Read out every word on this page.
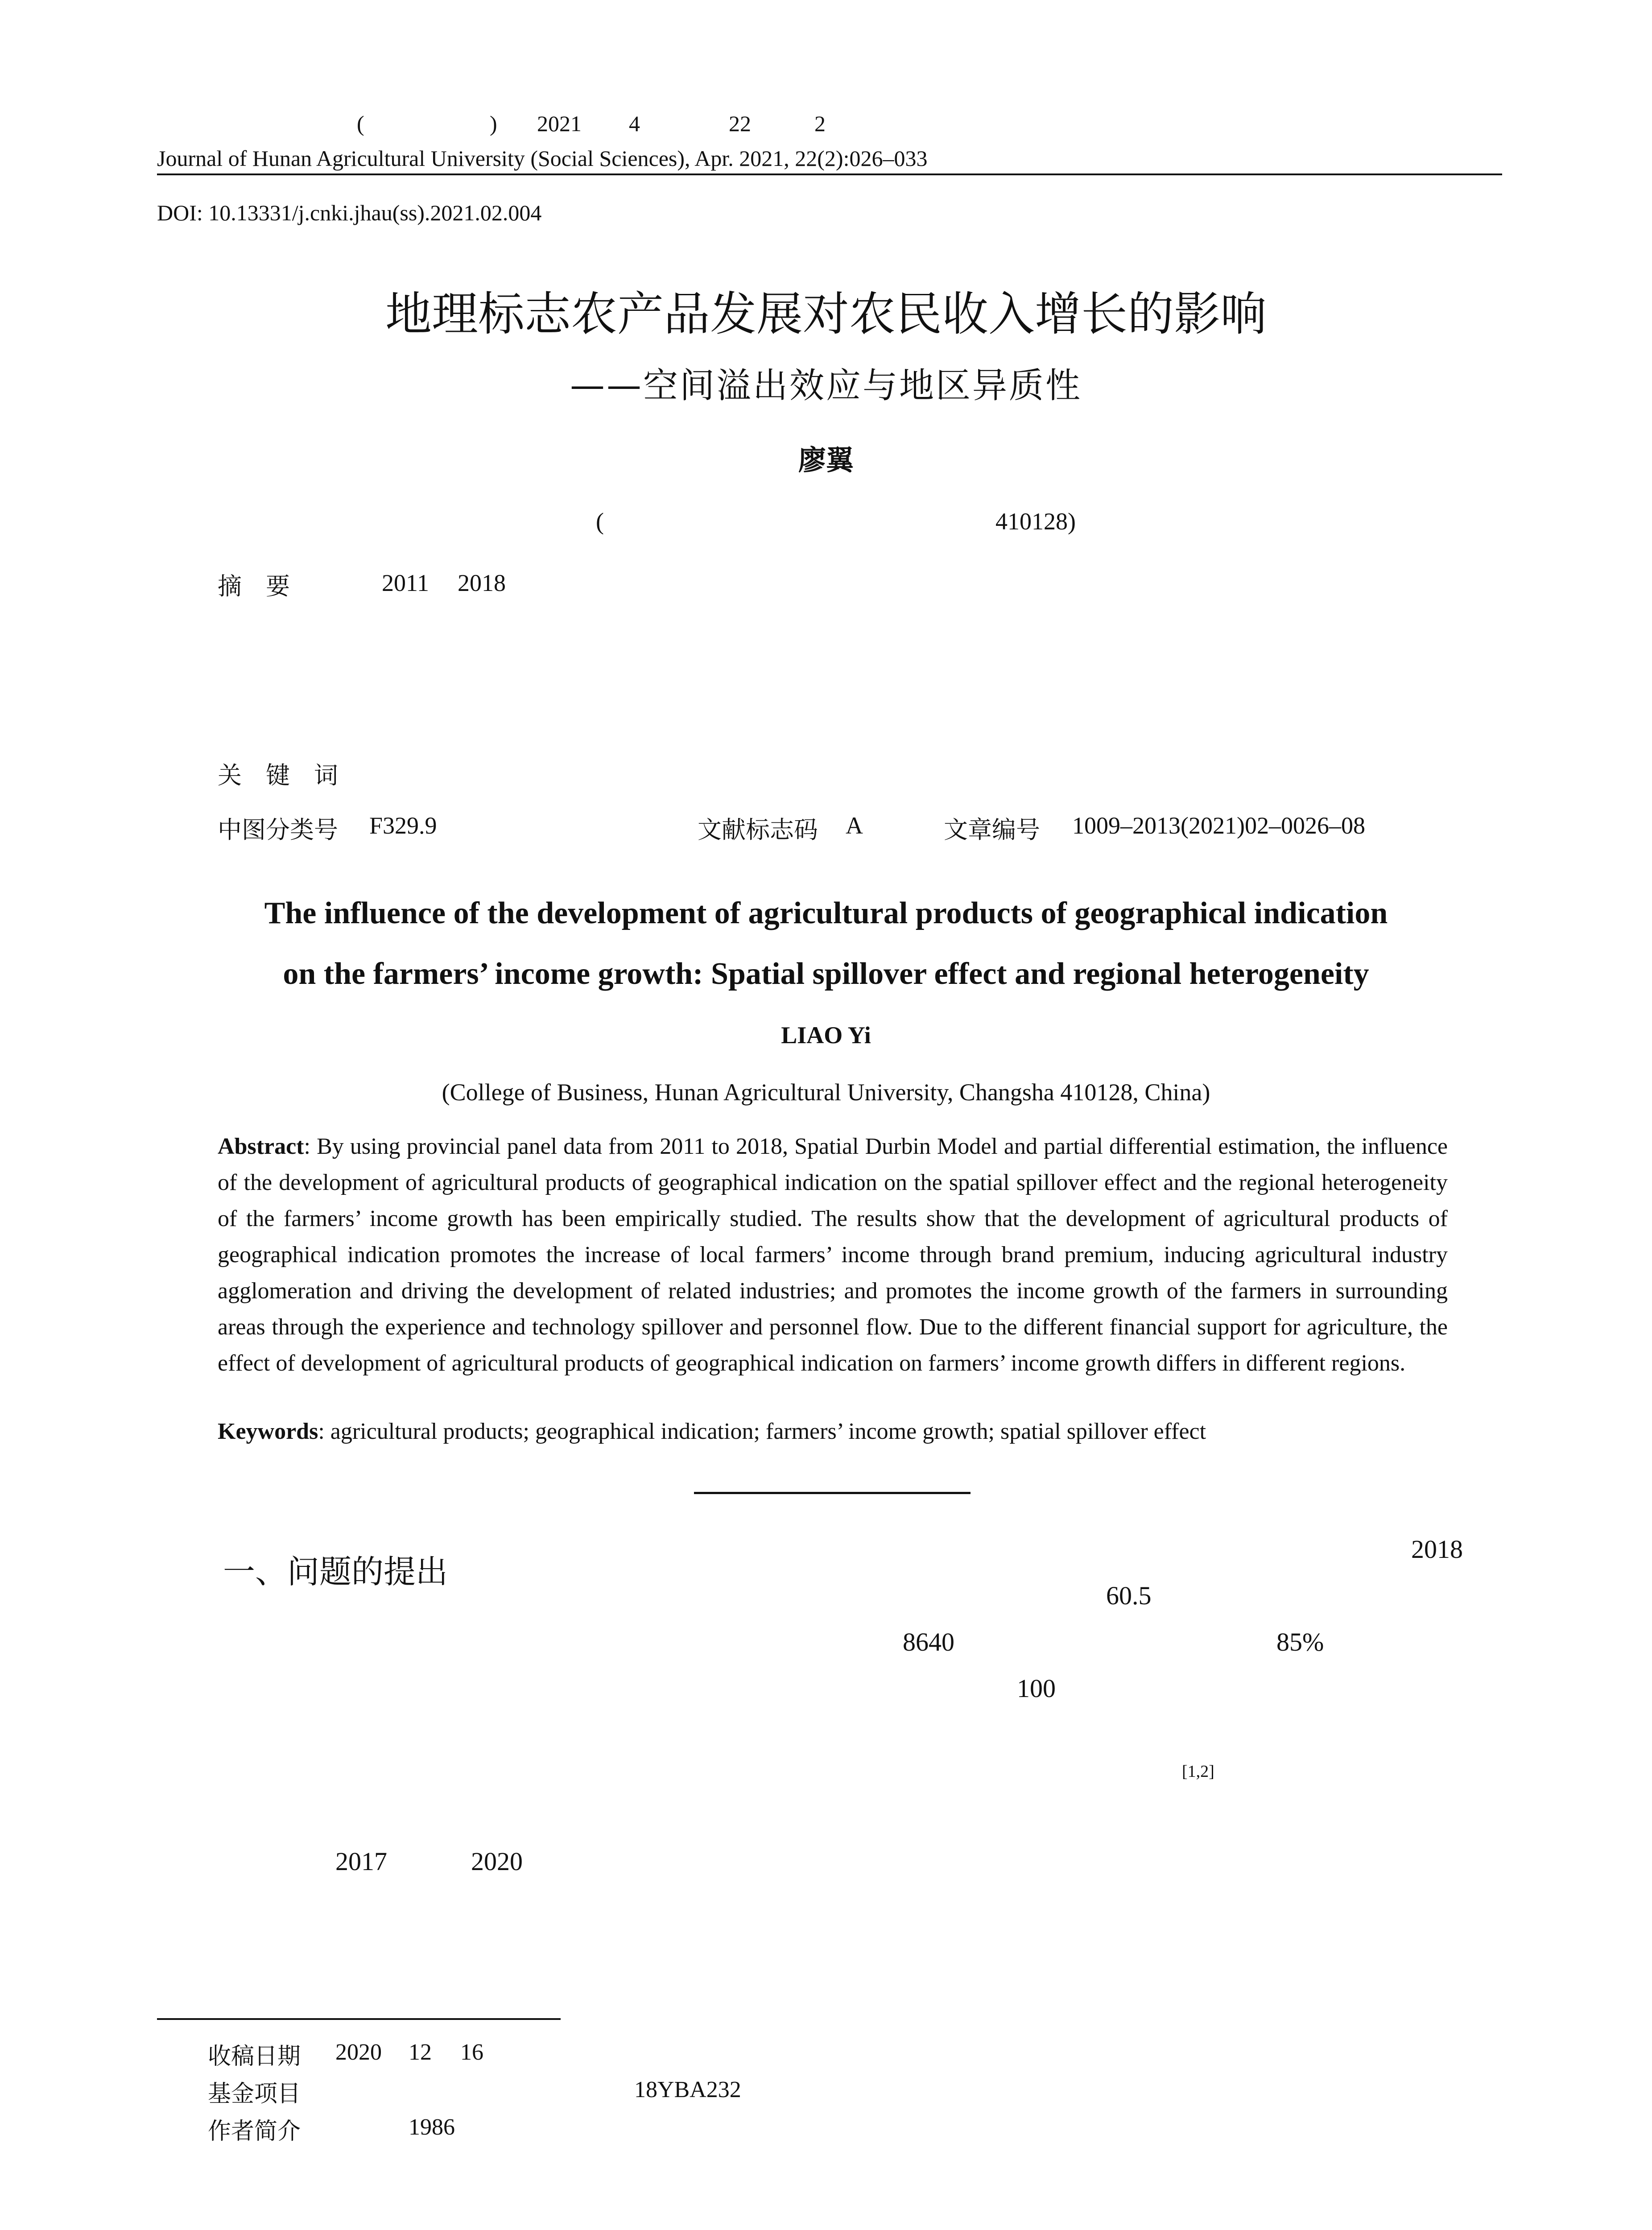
(	) 2021 4	22	2
Journal of Hunan Agricultural University (Social Sciences), Apr. 2021, 22(2):026–033
DOI: 10.13331/j.cnki.jhau(ss).2021.02.004
地理标志农产品发展对农民收入增长的影响
——空间溢出效应与地区异质性
廖翼
(	410128)
摘　要	2011 2018
关　键　词
中图分类号 F329.9	文献标志码 A	文章编号 1009–2013(2021)02–0026–08
The influence of the development of agricultural products of geographical indication
on the farmers’ income growth: Spatial spillover effect and regional heterogeneity
LIAO Yi
(College of Business, Hunan Agricultural University, Changsha 410128, China)
Abstract: By using provincial panel data from 2011 to 2018, Spatial Durbin Model and partial differential estimation, the influence of the development of agricultural products of geographical indication on the spatial spillover effect and the regional heterogeneity of the farmers’ income growth has been empirically studied. The results show that the development of agricultural products of geographical indication promotes the increase of local farmers’ income through brand premium, inducing agricultural industry agglomeration and driving the development of related industries; and promotes the income growth of the farmers in surrounding areas through the experience and technology spillover and personnel flow. Due to the different financial support for agriculture, the effect of development of agricultural products of geographical indication on farmers’ income growth differs in different regions.
Keywords: agricultural products; geographical indication; farmers’ income growth; spatial spillover effect
一、问题的提出
2018
60.5
8640	85%
100
[1,2]
2017	2020
收稿日期 2020 12 16
基金项目	18YBA232
作者简介	1986
